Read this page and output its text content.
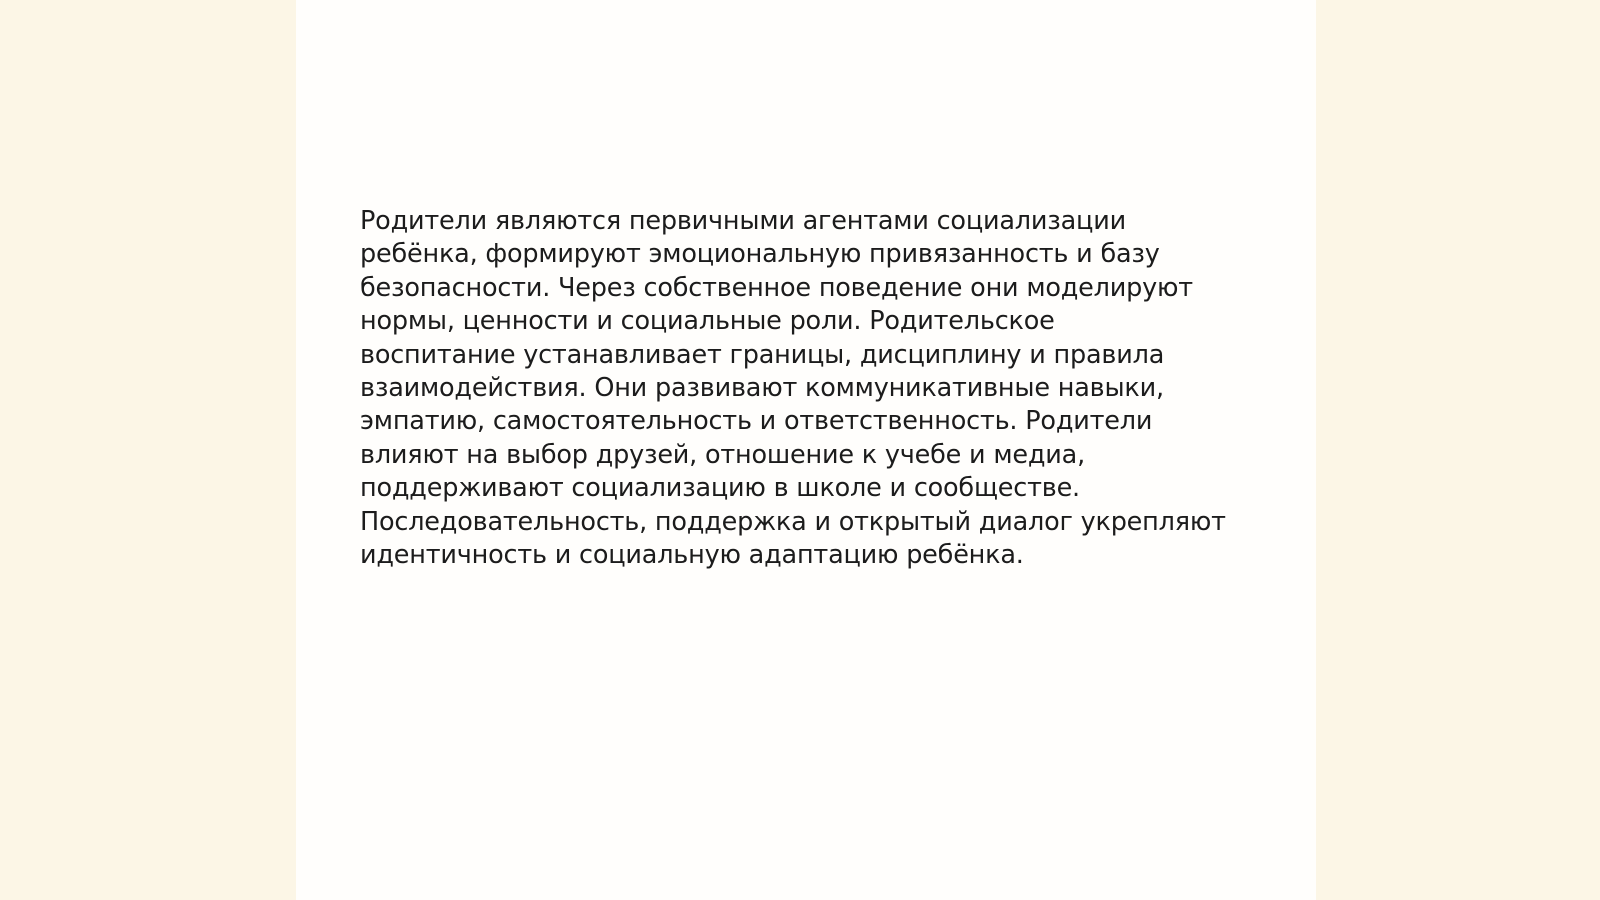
Родители являются первичными агентами социализации
ребёнка, формируют эмоциональную привязанность и базу
безопасности. Через собственное поведение они моделируют
нормы, ценности и социальные роли. Родительское
воспитание устанавливает границы, дисциплину и правила
взаимодействия. Они развивают коммуникативные навыки,
эмпатию, самостоятельность и ответственность. Родители
влияют на выбор друзей, отношение к учебе и медиа,
поддерживают социализацию в школе и сообществе.
Последовательность, поддержка и открытый диалог укрепляют
идентичность и социальную адаптацию ребёнка.
